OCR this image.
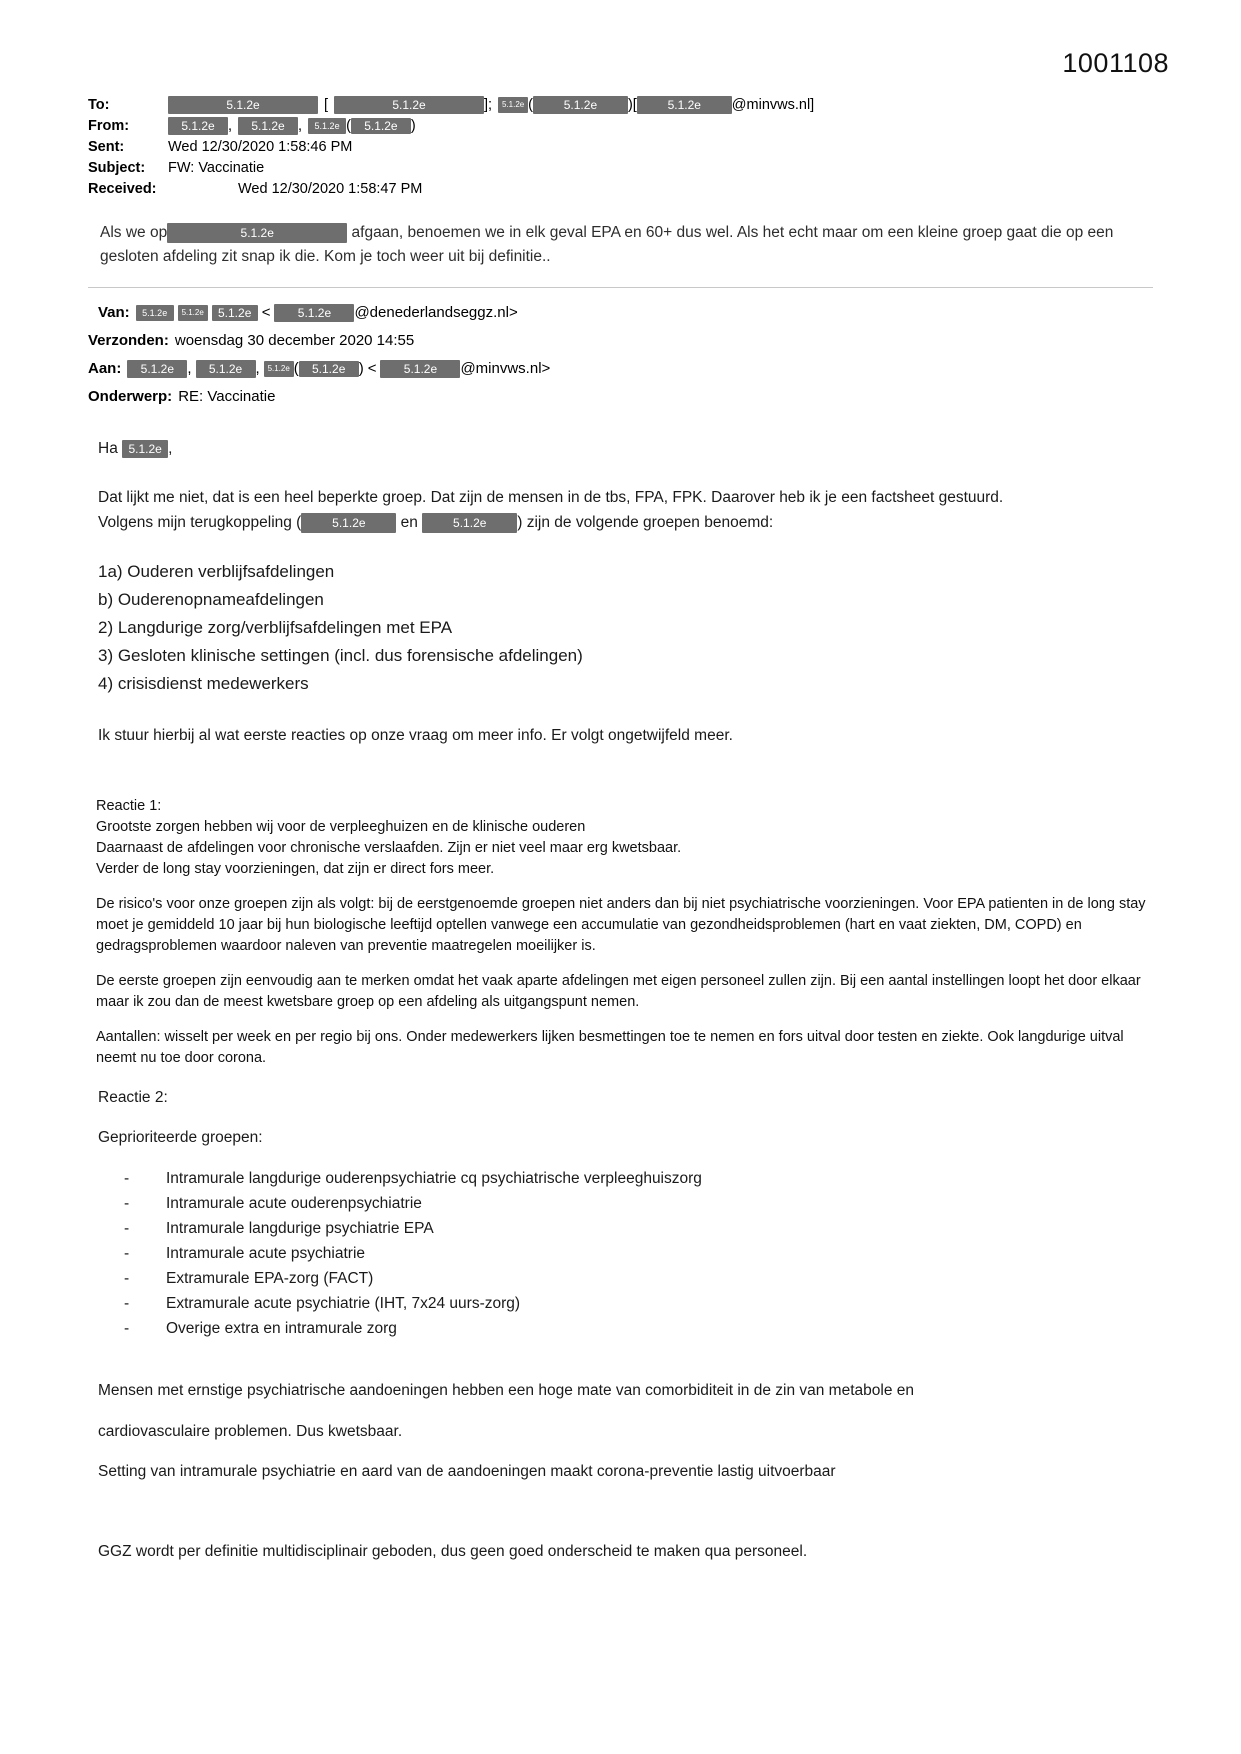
1001108
To:	5.1.2e	[	5.1.2e	]; 5.1.2e (	5.1.2e )[	5.1.2e @minvws.nl]
From:	5.1.2e , 5.1.2e , 5.1.2e ( 5.1.2e )
Sent:	Wed 12/30/2020 1:58:46 PM
Subject:	FW: Vaccinatie
Received:	Wed 12/30/2020 1:58:47 PM
Als we op	5.1.2e	afgaan, benoemen we in elk geval EPA en 60+ dus wel. Als het echt maar om een kleine groep gaat die op een gesloten afdeling zit snap ik die. Kom je toch weer uit bij definitie..
Van:	5.1.2e	5.1.2e	5.1.2e <	5.1.2e	@denederlandseggz.nl>
Verzonden: woensdag 30 december 2020 14:55
Aan:	5.1.2e ,	5.1.2e , 5.1.2e (	5.1.2e ) <	5.1.2e	@minvws.nl>
Onderwerp: RE: Vaccinatie

Ha 5.1.2e ,

Dat lijkt me niet, dat is een heel beperkte groep. Dat zijn de mensen in de tbs, FPA, FPK. Daarover heb ik je een factsheet gestuurd.

Volgens mijn terugkoppeling (	5.1.2e en	5.1.2e ) zijn de volgende groepen benoemd:

1a) Ouderen verblijfsafdelingen
b) Ouderenopnameafdelingen
2) Langdurige zorg/verblijfsafdelingen met EPA
3) Gesloten klinische settingen (incl. dus forensische afdelingen)
4) crisisdienst medewerkers

Ik stuur hierbij al wat eerste reacties op onze vraag om meer info. Er volgt ongetwijfeld meer.

Reactie 1:

Grootste zorgen hebben wij voor de verpleeghuizen en de klinische ouderen

Daarnaast de afdelingen voor chronische verslaafden. Zijn er niet veel maar erg kwetsbaar.

Verder de long stay voorzieningen, dat zijn er direct fors meer.

De risico's voor onze groepen zijn als volgt: bij de eerstgenoemde groepen niet anders dan bij niet psychiatrische voorzieningen. Voor EPA patienten in de long stay moet je gemiddeld 10 jaar bij hun biologische leeftijd optellen vanwege een accumulatie van gezondheidsproblemen (hart en vaat ziekten, DM, COPD) en gedragsproblemen waardoor naleven van preventie maatregelen moeilijker is.

De eerste groepen zijn eenvoudig aan te merken omdat het vaak aparte afdelingen met eigen personeel zullen zijn. Bij een aantal instellingen loopt het door elkaar maar ik zou dan de meest kwetsbare groep op een afdeling als uitgangspunt nemen.

Aantallen: wisselt per week en per regio bij ons. Onder medewerkers lijken besmettingen toe te nemen en fors uitval door testen en ziekte. Ook langdurige uitval neemt nu toe door corona.

Reactie 2:

Geprioriteerde groepen:

- Intramurale langdurige ouderenpsychiatrie cq psychiatrische verpleeghuiszorg
- Intramurale acute ouderenpsychiatrie
- Intramurale langdurige psychiatrie EPA
- Intramurale acute psychiatrie
- Extramurale EPA-zorg (FACT)
- Extramurale acute psychiatrie (IHT, 7x24 uurs-zorg)
- Overige extra en intramurale zorg

Mensen met ernstige psychiatrische aandoeningen hebben een hoge mate van comorbiditeit in de zin van metabole en

cardiovasculaire problemen. Dus kwetsbaar.

Setting van intramurale psychiatrie en aard van de aandoeningen maakt corona-preventie lastig uitvoerbaar

GGZ wordt per definitie multidisciplinair geboden, dus geen goed onderscheid te maken qua personeel.
